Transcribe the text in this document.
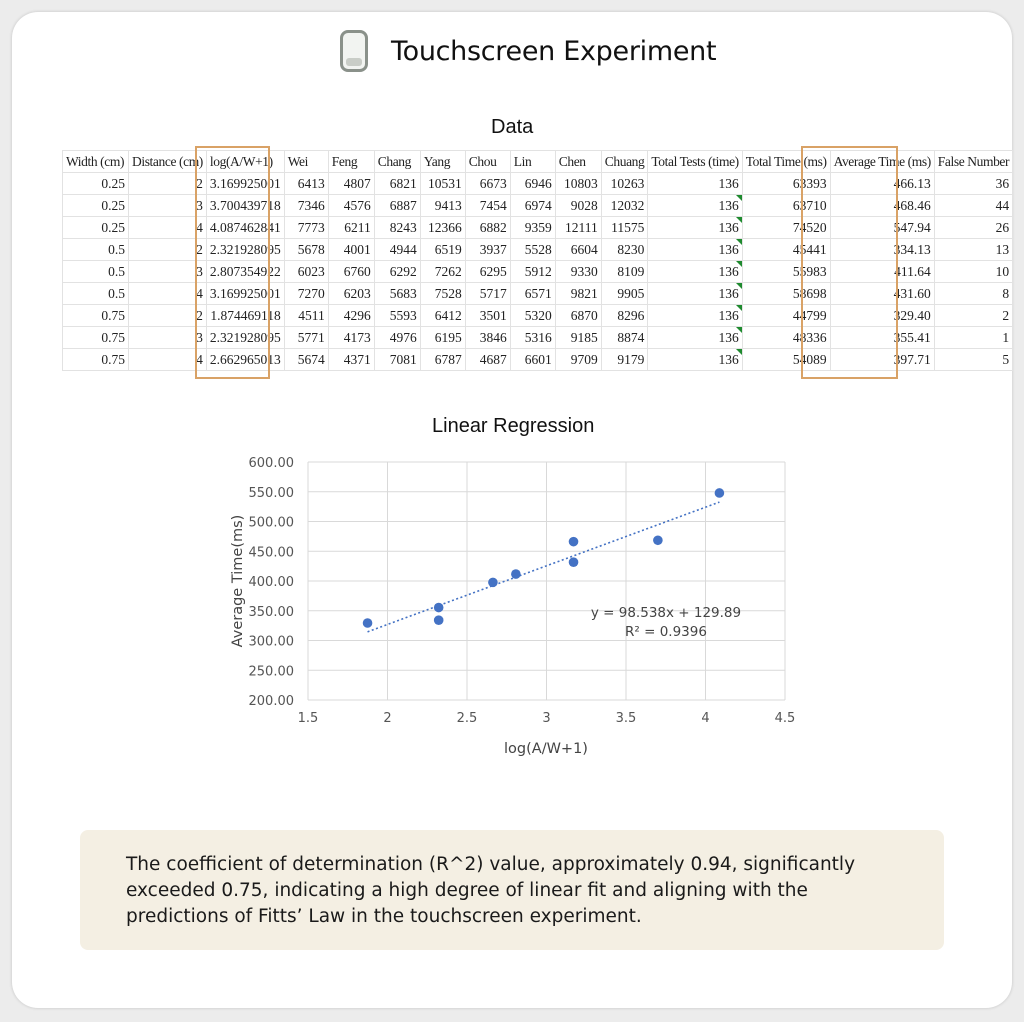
Touchscreen Experiment
Data
Width (cm)	Distance (cm)	log(A/W+1)	Wei	Feng	Chang	Yang	Chou	Lin	Chen	Chuang	Total Tests (time)	Total Time (ms)	Average Time (ms)	False Number
0.25	2	3.169925001	6413	4807	6821	10531	6673	6946	10803	10263	136	63393	466.13	36
0.25	3	3.700439718	7346	4576	6887	9413	7454	6974	9028	12032	136	63710	468.46	44
0.25	4	4.087462841	7773	6211	8243	12366	6882	9359	12111	11575	136	74520	547.94	26
0.5	2	2.321928095	5678	4001	4944	6519	3937	5528	6604	8230	136	45441	334.13	13
0.5	3	2.807354922	6023	6760	6292	7262	6295	5912	9330	8109	136	55983	411.64	10
0.5	4	3.169925001	7270	6203	5683	7528	5717	6571	9821	9905	136	58698	431.60	8
0.75	2	1.874469118	4511	4296	5593	6412	3501	5320	6870	8296	136	44799	329.40	2
0.75	3	2.321928095	5771	4173	4976	6195	3846	5316	9185	8874	136	48336	355.41	1
0.75	4	2.662965013	5674	4371	7081	6787	4687	6601	9709	9179	136	54089	397.71	5
Linear Regression
200.00
250.00
300.00
350.00
400.00
450.00
500.00
550.00
600.00
1.5	2	2.5	3	3.5	4	4.5
y = 98.538x + 129.89
R² = 0.9396
log(A/W+1)
Average Time(ms)
The coefficient of determination (R^2) value, approximately 0.94, significantly exceeded 0.75, indicating a high degree of linear fit and aligning with the predictions of Fitts’ Law in the touchscreen experiment.
